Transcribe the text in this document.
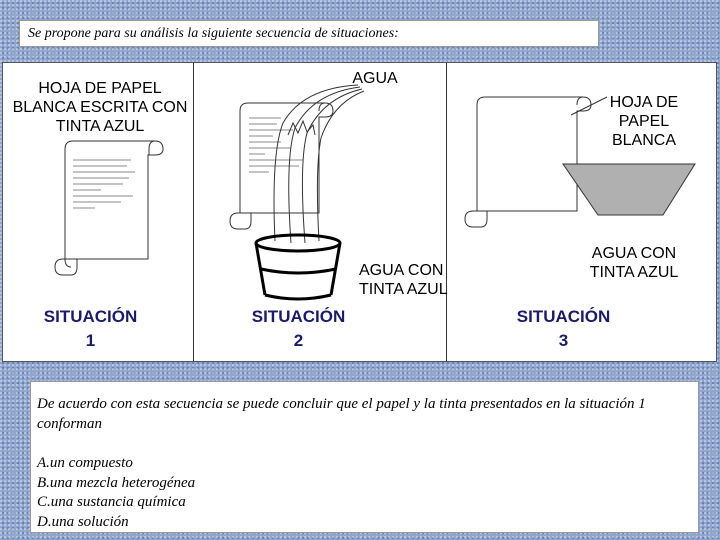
Se propone para su análisis la siguiente secuencia de situaciones:
HOJA DE PAPEL
BLANCA ESCRITA CON
TINTA AZUL
SITUACIÓN
1
AGUA
AGUA CON
TINTA AZUL
SITUACIÓN
2
HOJA DE
PAPEL
BLANCA
AGUA CON
TINTA AZUL
SITUACIÓN
3
De acuerdo con esta secuencia se puede concluir que el papel y la tinta presentados en la situación 1 conforman
A.un compuesto
B.una mezcla heterogénea
C.una sustancia química
D.una solución
